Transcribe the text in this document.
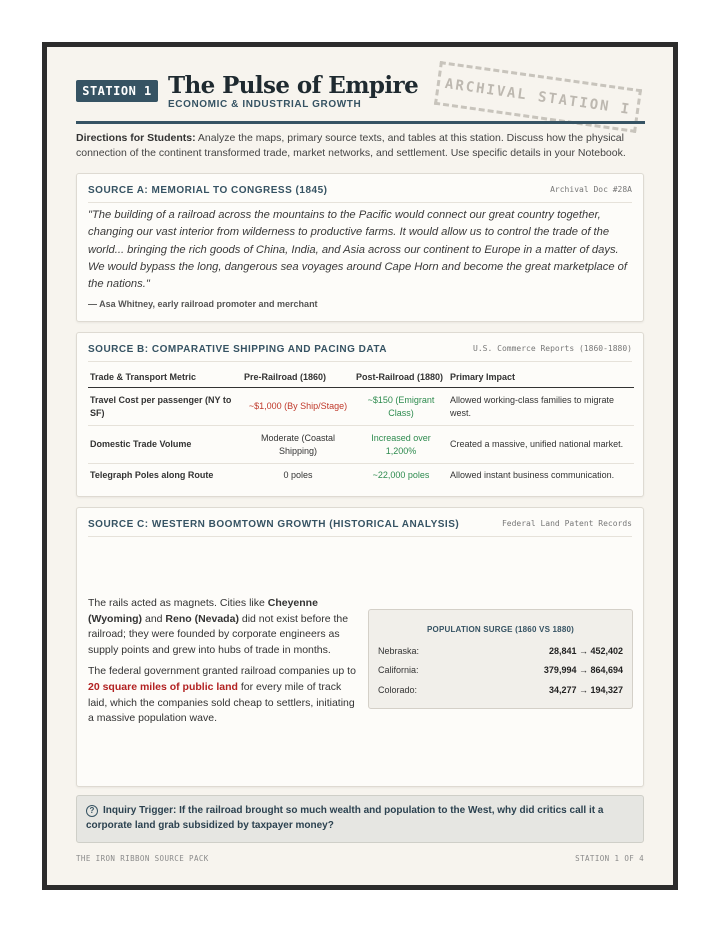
STATION 1 The Pulse of Empire
ECONOMIC & INDUSTRIAL GROWTH	ARCHIVAL STATION I
Directions for Students: Analyze the maps, primary source texts, and tables at this station. Discuss how the physical connection of the continent transformed trade, market networks, and settlement. Use specific details in your Notebook.
SOURCE A: MEMORIAL TO CONGRESS (1845)	Archival Doc #28A
"The building of a railroad across the mountains to the Pacific would connect our great country together, changing our vast interior from wilderness to productive farms. It would allow us to control the trade of the world... bringing the rich goods of China, India, and Asia across our continent to Europe in a matter of days. We would bypass the long, dangerous sea voyages around Cape Horn and become the great marketplace of the nations."
— Asa Whitney, early railroad promoter and merchant
SOURCE B: COMPARATIVE SHIPPING AND PACING DATA	U.S. Commerce Reports (1860-1880)
Trade & Transport Metric	Pre-Railroad (1860)	Post-Railroad (1880)	Primary Impact
Travel Cost per passenger (NY to SF)	~$1,000 (By Ship/Stage)	~$150 (Emigrant Class)	Allowed working-class families to migrate west.
Domestic Trade Volume	Moderate (Coastal Shipping)	Increased over 1,200%	Created a massive, unified national market.
Telegraph Poles along Route	0 poles	~22,000 poles	Allowed instant business communication.
SOURCE C: WESTERN BOOMTOWN GROWTH (HISTORICAL ANALYSIS)	Federal Land Patent Records

The rails acted as magnets. Cities like Cheyenne (Wyoming) and Reno (Nevada) did not exist before the railroad; they were founded by corporate engineers as supply points and grew into hubs of trade in months.

The federal government granted railroad companies up to 20 square miles of public land for every mile of track laid, which the companies sold cheap to settlers, initiating a massive population wave.

POPULATION SURGE (1860 VS 1880)
Nebraska:	28,841 → 452,402
California:	379,994 → 864,694
Colorado:	34,277 → 194,327
? Inquiry Trigger: If the railroad brought so much wealth and population to the West, why did critics call it a corporate land grab subsidized by taxpayer money?
THE IRON RIBBON SOURCE PACK	STATION 1 OF 4
